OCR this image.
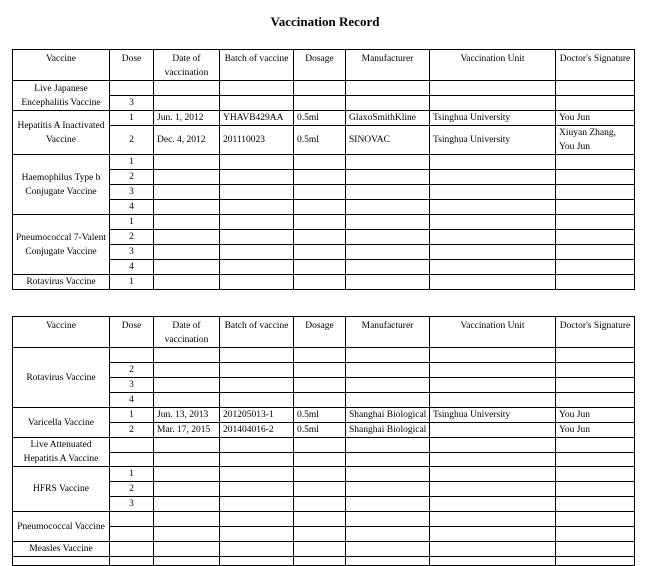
Vaccination Record
Vaccine	Dose	Date of vaccination	Batch of vaccine	Dosage	Manufacturer	Vaccination Unit	Doctor's Signature
Live Japanese Encephalitis Vaccine							
	3						
Hepatitis A Inactivated Vaccine	1	Jun. 1, 2012	YHAVB429AA	0.5ml	GlaxoSmithKline	Tsinghua University	You Jun
	2	Dec. 4, 2012	201110023	0.5ml	SINOVAC	Tsinghua University	Xiuyan Zhang, You Jun
Haemophilus Type b Conjugate Vaccine	1						
	2						
	3						
	4						
Pneumococcal 7-Valent Conjugate Vaccine	1						
	2						
	3						
	4						
Rotavirus Vaccine	1						
Vaccine	Dose	Date of vaccination	Batch of vaccine	Dosage	Manufacturer	Vaccination Unit	Doctor's Signature
Rotavirus Vaccine							
	2						
	3						
	4						
Varicella Vaccine	1	Jun. 13, 2013	201205013-1	0.5ml	Shanghai Biological	Tsinghua University	You Jun
	2	Mar. 17, 2015	201404016-2	0.5ml	Shanghai Biological		You Jun
Live Attenuated Hepatitis A Vaccine							

HFRS Vaccine	1						
	2						
	3						
Pneumococcal Vaccine							

Measles Vaccine							
